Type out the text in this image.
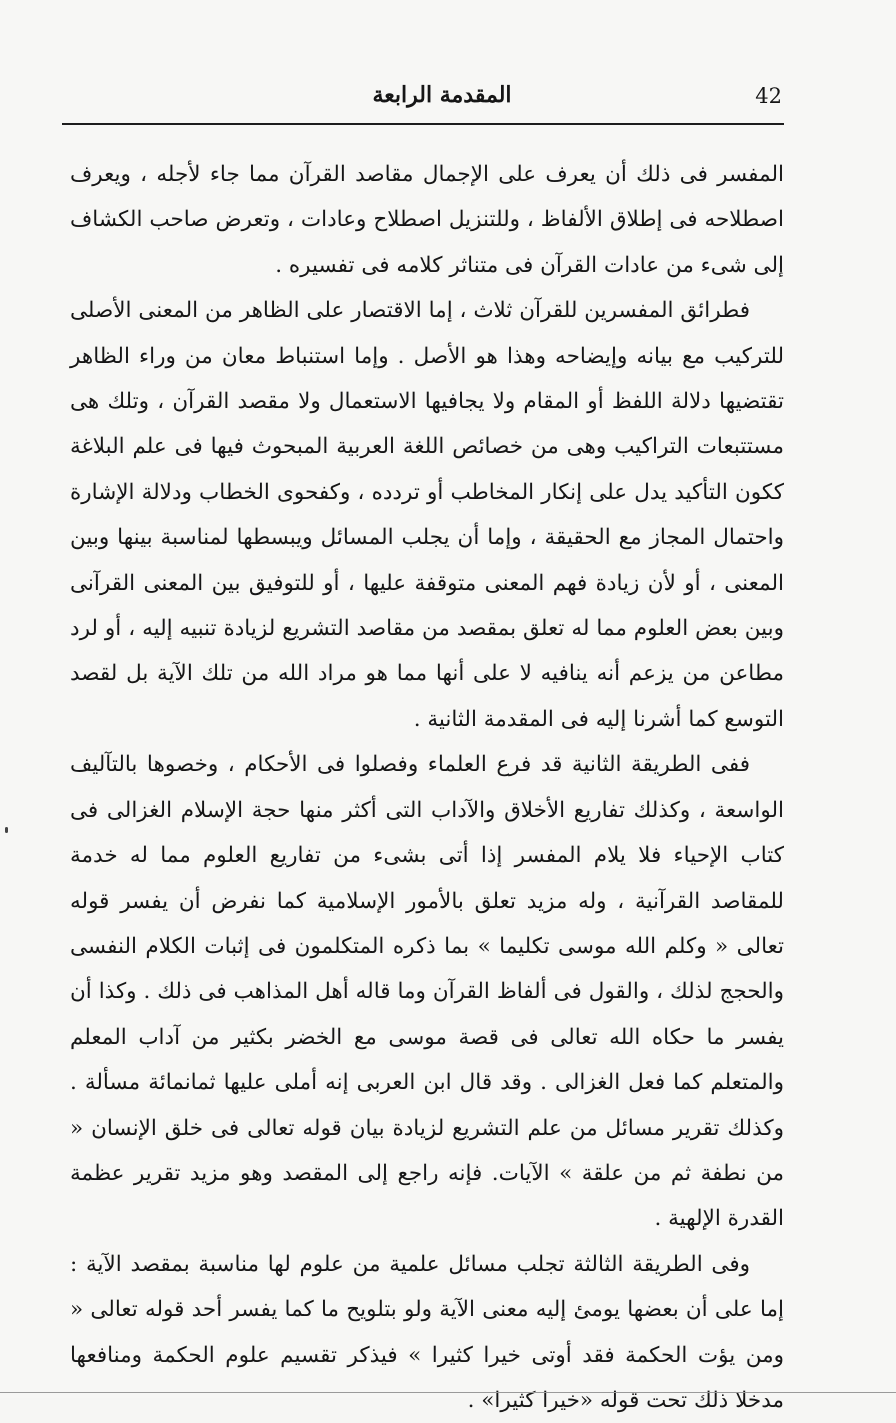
42
المقدمة الرابعة

المفسر فى ذلك أن يعرف على الإجمال مقاصد القرآن مما جاء لأجله ، ويعرف اصطلاحه فى إطلاق الألفاظ ، وللتنزيل اصطلاح وعادات ، وتعرض صاحب الكشاف إلى شىء من عادات القرآن فى متناثر كلامه فى تفسيره .

فطرائق المفسرين للقرآن ثلاث ، إما الاقتصار على الظاهر من المعنى الأصلى للتركيب مع بيانه وإيضاحه وهذا هو الأصل . وإما استنباط معان من وراء الظاهر تقتضيها دلالة اللفظ أو المقام ولا يجافيها الاستعمال ولا مقصد القرآن ، وتلك هى مستتبعات التراكيب وهى من خصائص اللغة العربية المبحوث فيها فى علم البلاغة ككون التأكيد يدل على إنكار المخاطب أو تردده ، وكفحوى الخطاب ودلالة الإشارة واحتمال المجاز مع الحقيقة ، وإما أن يجلب المسائل ويبسطها لمناسبة بينها وبين المعنى ، أو لأن زيادة فهم المعنى متوقفة عليها ، أو للتوفيق بين المعنى القرآنى وبين بعض العلوم مما له تعلق بمقصد من مقاصد التشريع لزيادة تنبيه إليه ، أو لرد مطاعن من يزعم أنه ينافيه لا على أنها مما هو مراد الله من تلك الآية بل لقصد التوسع كما أشرنا إليه فى المقدمة الثانية .

ففى الطريقة الثانية قد فرع العلماء وفصلوا فى الأحكام ، وخصوها بالتآليف الواسعة ، وكذلك تفاريع الأخلاق والآداب التى أكثر منها حجة الإسلام الغزالى فى كتاب الإحياء فلا يلام المفسر إذا أتى بشىء من تفاريع العلوم مما له خدمة للمقاصد القرآنية ، وله مزيد تعلق بالأمور الإسلامية كما نفرض أن يفسر قوله تعالى « وكلم الله موسى تكليما » بما ذكره المتكلمون فى إثبات الكلام النفسى والحجج لذلك ، والقول فى ألفاظ القرآن وما قاله أهل المذاهب فى ذلك . وكذا أن يفسر ما حكاه الله تعالى فى قصة موسى مع الخضر بكثير من آداب المعلم والمتعلم كما فعل الغزالى . وقد قال ابن العربى إنه أملى عليها ثمانمائة مسألة . وكذلك تقرير مسائل من علم التشريع لزيادة بيان قوله تعالى فى خلق الإنسان « من نطفة ثم من علقة » الآيات. فإنه راجع إلى المقصد وهو مزيد تقرير عظمة القدرة الإلهية .

وفى الطريقة الثالثة تجلب مسائل علمية من علوم لها مناسبة بمقصد الآية : إما على أن بعضها يومئ إليه معنى الآية ولو بتلويح ما كما يفسر أحد قوله تعالى « ومن يؤت الحكمة فقد أوتى خيرا كثيرا » فيذكر تقسيم علوم الحكمة ومنافعها مدخلا ذلك تحت قوله «خيرا كثيرا» .
